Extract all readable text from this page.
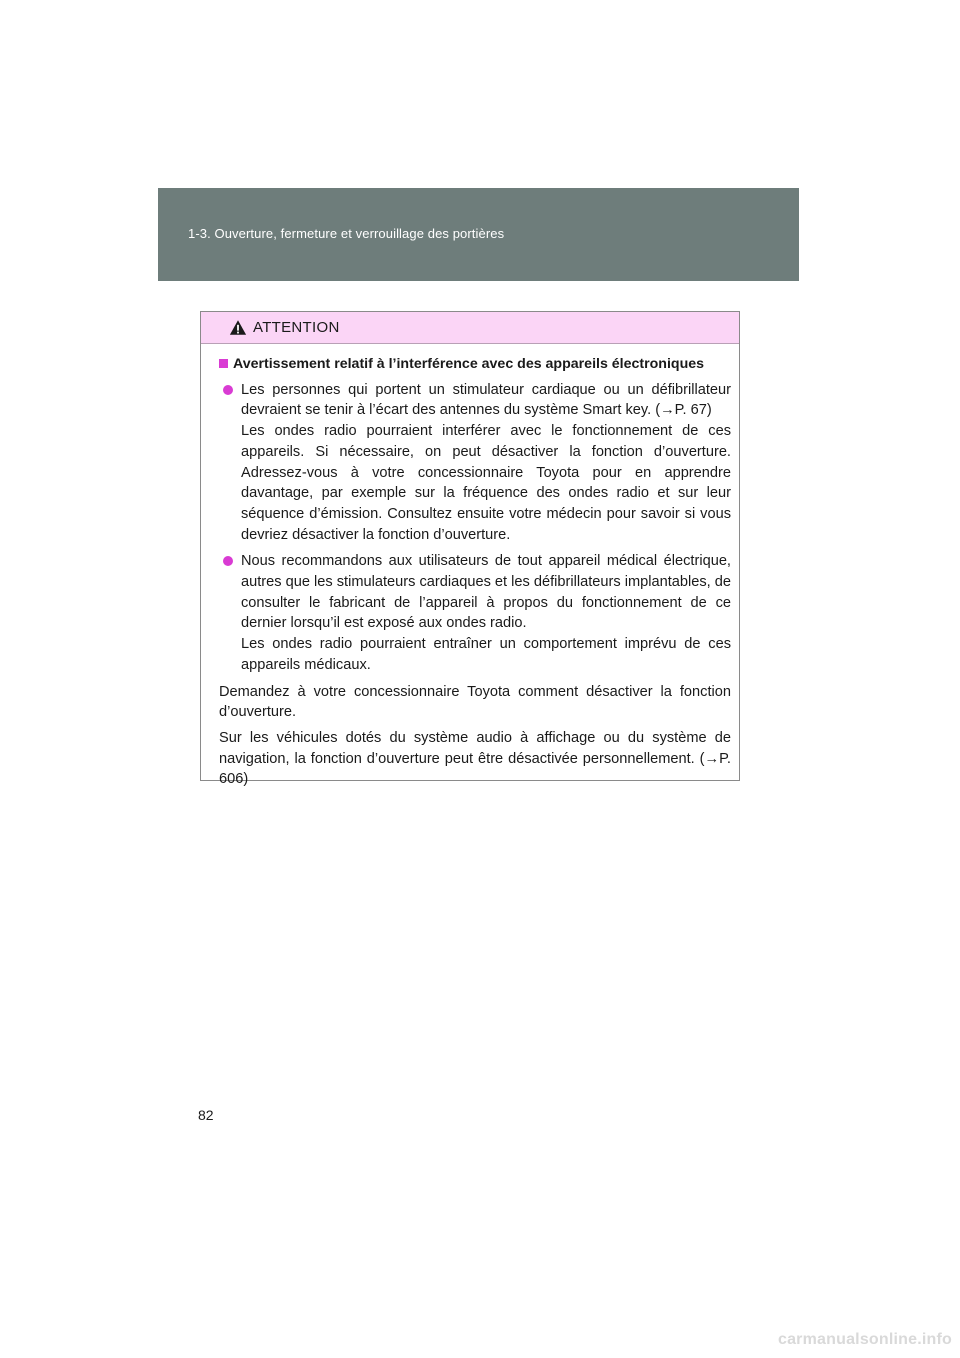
1-3. Ouverture, fermeture et verrouillage des portières
ATTENTION
Avertissement relatif à l’interférence avec des appareils électroniques
Les personnes qui portent un stimulateur cardiaque ou un défibrillateur devraient se tenir à l’écart des antennes du système Smart key. (→P. 67)
Les ondes radio pourraient interférer avec le fonctionnement de ces appareils. Si nécessaire, on peut désactiver la fonction d’ouverture. Adressez-vous à votre concessionnaire Toyota pour en apprendre davantage, par exemple sur la fréquence des ondes radio et sur leur séquence d’émission. Consultez ensuite votre médecin pour savoir si vous devriez désactiver la fonction d’ouverture.
Nous recommandons aux utilisateurs de tout appareil médical électrique, autres que les stimulateurs cardiaques et les défibrillateurs implantables, de consulter le fabricant de l’appareil à propos du fonctionnement de ce dernier lorsqu’il est exposé aux ondes radio.
Les ondes radio pourraient entraîner un comportement imprévu de ces appareils médicaux.
Demandez à votre concessionnaire Toyota comment désactiver la fonction d’ouverture.
Sur les véhicules dotés du système audio à affichage ou du système de navigation, la fonction d’ouverture peut être désactivée personnellement. (→P. 606)
82
carmanualsonline.info
